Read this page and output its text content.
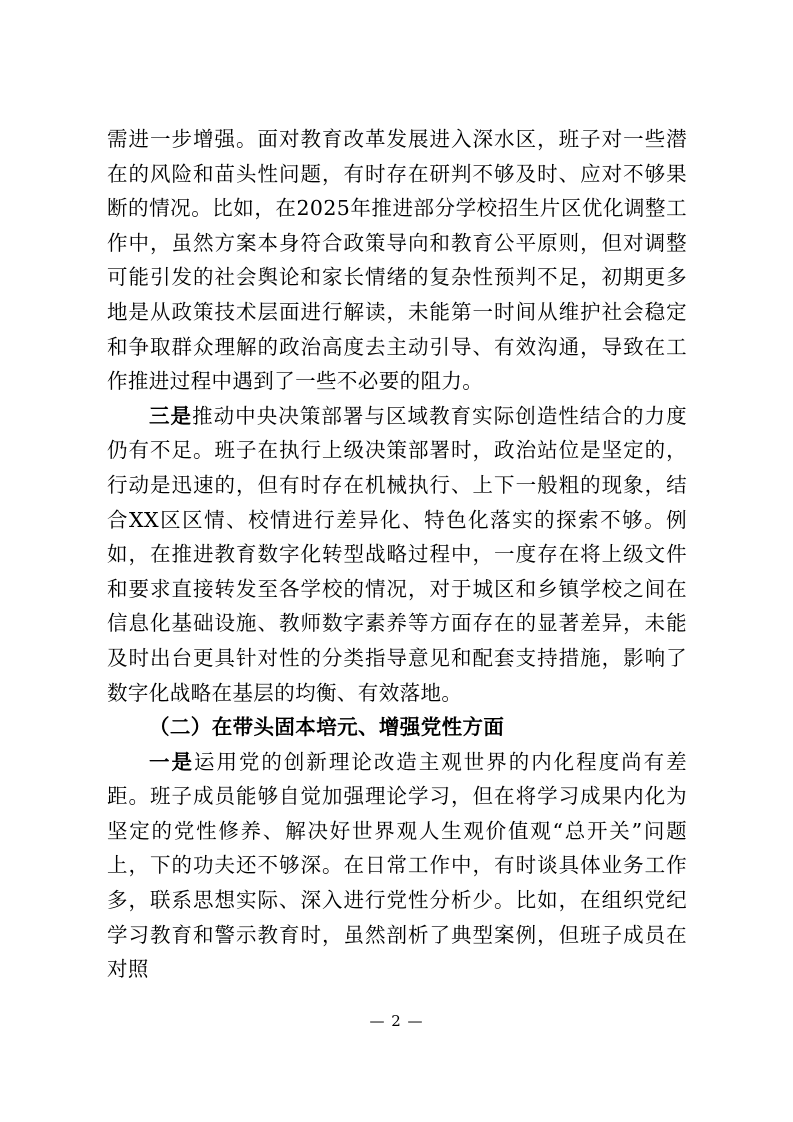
需进一步增强。面对教育改革发展进入深水区，班子对一些潜在的风险和苗头性问题，有时存在研判不够及时、应对不够果断的情况。比如，在2025年推进部分学校招生片区优化调整工作中，虽然方案本身符合政策导向和教育公平原则，但对调整可能引发的社会舆论和家长情绪的复杂性预判不足，初期更多地是从政策技术层面进行解读，未能第一时间从维护社会稳定和争取群众理解的政治高度去主动引导、有效沟通，导致在工作推进过程中遇到了一些不必要的阻力。

三是推动中央决策部署与区域教育实际创造性结合的力度仍有不足。班子在执行上级决策部署时，政治站位是坚定的，行动是迅速的，但有时存在机械执行、上下一般粗的现象，结合XX区区情、校情进行差异化、特色化落实的探索不够。例如，在推进教育数字化转型战略过程中，一度存在将上级文件和要求直接转发至各学校的情况，对于城区和乡镇学校之间在信息化基础设施、教师数字素养等方面存在的显著差异，未能及时出台更具针对性的分类指导意见和配套支持措施，影响了数字化战略在基层的均衡、有效落地。

（二）在带头固本培元、增强党性方面

一是运用党的创新理论改造主观世界的内化程度尚有差距。班子成员能够自觉加强理论学习，但在将学习成果内化为坚定的党性修养、解决好世界观人生观价值观“总开关”问题上，下的功夫还不够深。在日常工作中，有时谈具体业务工作多，联系思想实际、深入进行党性分析少。比如，在组织党纪学习教育和警示教育时，虽然剖析了典型案例，但班子成员在对照

— 2 —
